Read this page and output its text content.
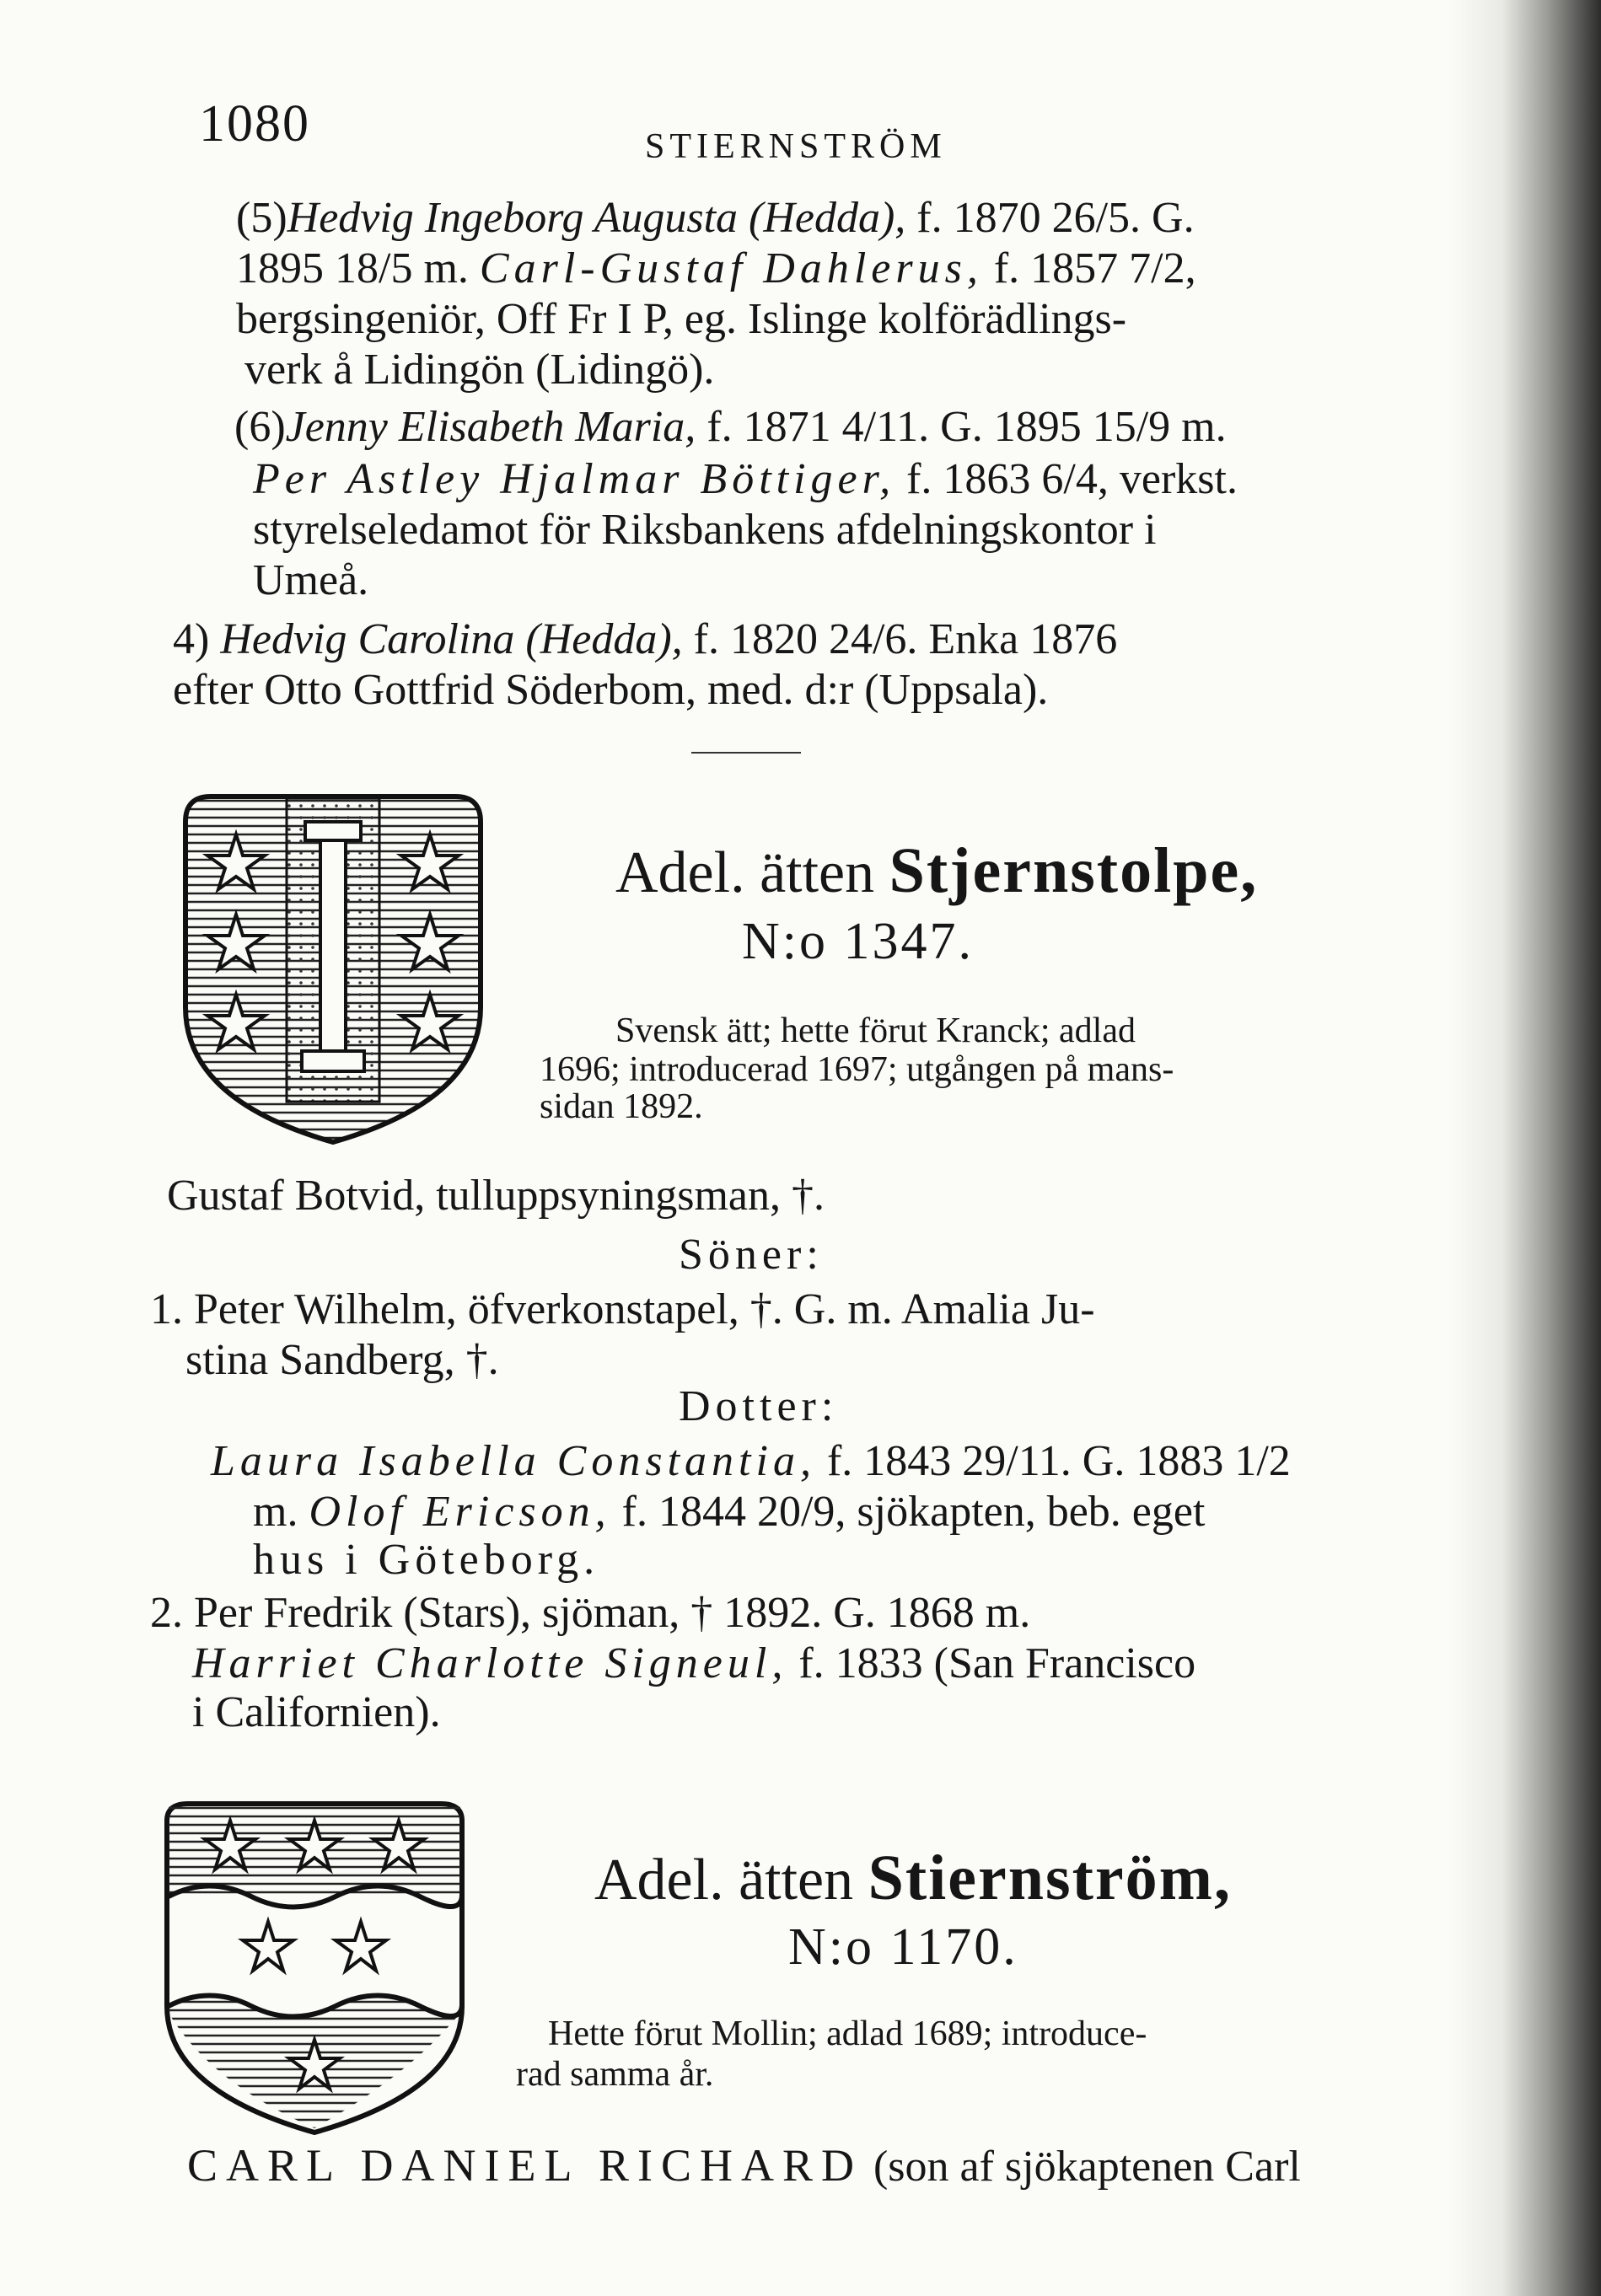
1080	STIERNSTRÖM
(5)Hedvig Ingeborg Augusta (Hedda), f. 1870 26/5. G.
1895 18/5 m. Carl-Gustaf Dahlerus, f. 1857 7/2,
bergsingeniör, Off Fr I P, eg. Islinge kolförädlings-
verk å Lidingön (Lidingö).
(6)Jenny Elisabeth Maria, f. 1871 4/11. G. 1895 15/9 m.
Per Astley Hjalmar Böttiger, f. 1863 6/4, verkst.
styrelseledamot för Riksbankens afdelningskontor i
Umeå.
4) Hedvig Carolina (Hedda), f. 1820 24/6. Enka 1876
efter Otto Gottfrid Söderbom, med. d:r (Uppsala).
Adel. ätten Stjernstolpe,
N:o 1347.
Svensk ätt; hette förut Kranck; adlad
1696; introducerad 1697; utgången på mans-
sidan 1892.
Gustaf Botvid, tulluppsyningsman, †.
Söner:
1. Peter Wilhelm, öfverkonstapel, †. G. m. Amalia Ju-
stina Sandberg, †.
Dotter:
Laura Isabella Constantia, f. 1843 29/11. G. 1883 1/2
m. Olof Ericson, f. 1844 20/9, sjökapten, beb. eget
hus i Göteborg.
2. Per Fredrik (Stars), sjöman, † 1892. G. 1868 m.
Harriet Charlotte Signeul, f. 1833 (San Francisco
i Californien).
Adel. ätten Stiernström,
N:o 1170.
Hette förut Mollin; adlad 1689; introduce-
rad samma år.
CARL DANIEL RICHARD (son af sjökaptenen Carl
